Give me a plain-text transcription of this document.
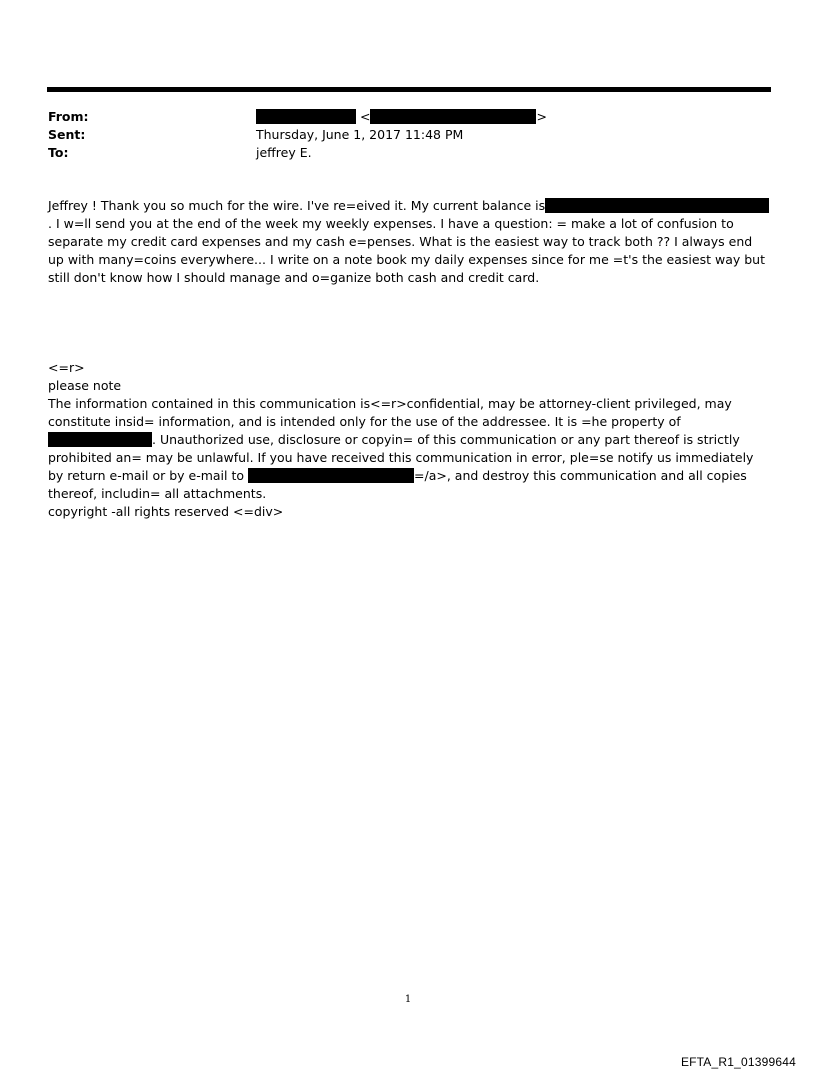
From:	<	>
Sent:	Thursday, June 1, 2017 11:48 PM
To:	jeffrey E.

Jeffrey ! Thank you so much for the wire. I've re=eived it. My current balance is. I w=ll send you at the end of the week my weekly expenses. I have a question: = make a lot of confusion to separate my credit card expenses and my cash e=penses. What is the easiest way to track both ?? I always end up with many=coins everywhere... I write on a note book my daily expenses since for me =t's the easiest way but still don't know how I should manage and o=ganize both cash and credit card.

<=r>

please note

The information contained in this communication is<=r>confidential, may be attorney-client privileged, may constitute insid= information, and is intended only for the use of the addressee. It is =he property of . Unauthorized use, disclosure or copyin= of this communication or any part thereof is strictly prohibited an= may be unlawful. If you have received this communication in error, ple=se notify us immediately by return e-mail or by e-mail to	=/a>, and destroy this communication and all copies thereof, includin= all attachments.

copyright -all rights reserved <=div>

1
EFTA_R1_01399644
